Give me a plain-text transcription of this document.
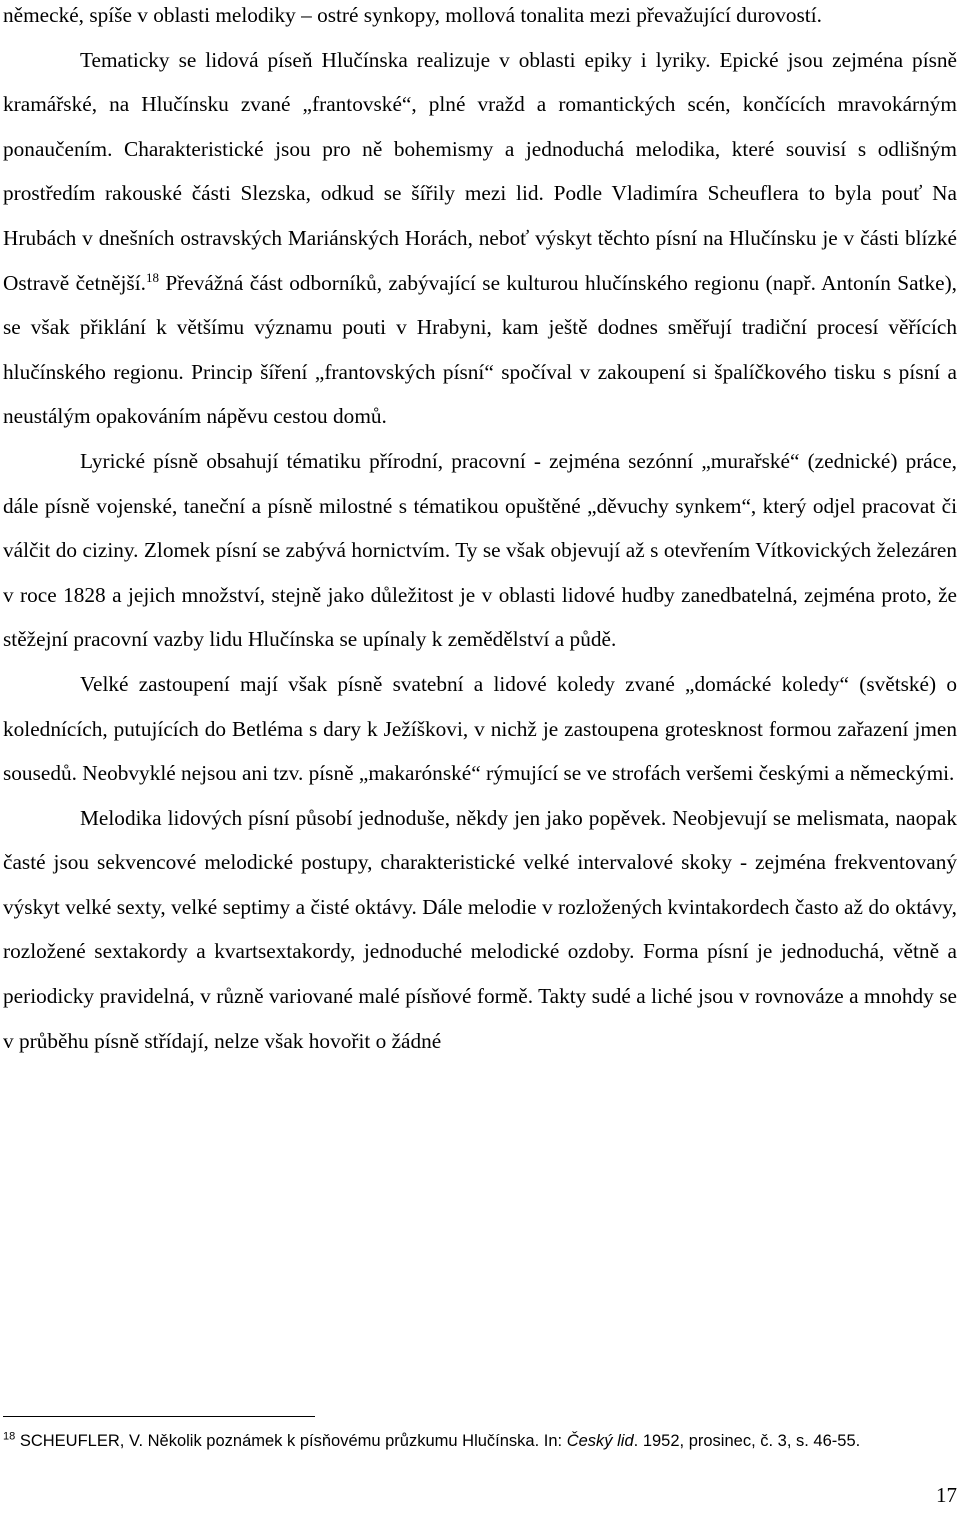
německé, spíše v oblasti melodiky – ostré synkopy, mollová tonalita mezi převažující durovostí.

Tematicky se lidová píseň Hlučínska realizuje v oblasti epiky i lyriky. Epické jsou zejména písně kramářské, na Hlučínsku zvané „frantovské“, plné vražd a romantických scén, končících mravokárným ponaučením. Charakteristické jsou pro ně bohemismy a jednoduchá melodika, které souvisí s odlišným prostředím rakouské části Slezska, odkud se šířily mezi lid. Podle Vladimíra Scheuflera to byla pouť Na Hrubách v dnešních ostravských Mariánských Horách, neboť výskyt těchto písní na Hlučínsku je v části blízké Ostravě četnější.$^{18}$ Převážná část odborníků, zabývající se kulturou hlučínského regionu (např. Antonín Satke), se však přiklání k většímu významu pouti v Hrabyni, kam ještě dodnes směřují tradiční procesí věřících hlučínského regionu. Princip šíření „frantovských písní“ spočíval v zakoupení si špalíčkového tisku s písní a neustálým opakováním nápěvu cestou domů.

Lyrické písně obsahují tématiku přírodní, pracovní - zejména sezónní „murařské“ (zednické) práce, dále písně vojenské, taneční a písně milostné s tématikou opuštěné „děvuchy synkem“, který odjel pracovat či válčit do ciziny. Zlomek písní se zabývá hornictvím. Ty se však objevují až s otevřením Vítkovických železáren v roce 1828 a jejich množství, stejně jako důležitost je v oblasti lidové hudby zanedbatelná, zejména proto, že stěžejní pracovní vazby lidu Hlučínska se upínaly k zemědělství a půdě.

Velké zastoupení mají však písně svatební a lidové koledy zvané „domácké koledy“ (světské) o kolednících, putujících do Betléma s dary k Ježíškovi, v nichž je zastoupena grotesknost formou zařazení jmen sousedů. Neobvyklé nejsou ani tzv. písně „makarónské“ rýmující se ve strofách veršemi českými a německými.

Melodika lidových písní působí jednoduše, někdy jen jako popěvek. Neobjevují se melismata, naopak časté jsou sekvencové melodické postupy, charakteristické velké intervalové skoky - zejména frekventovaný výskyt velké sexty, velké septimy a čisté oktávy. Dále melodie v rozložených kvintakordech často až do oktávy, rozložené sextakordy a kvartsextakordy, jednoduché melodické ozdoby. Forma písní je jednoduchá, větně a periodicky pravidelná, v různě variované malé písňové formě. Takty sudé a liché jsou v rovnováze a mnohdy se v průběhu písně střídají, nelze však hovořit o žádné

$^{18}$ SCHEUFLER, V. Několik poznámek k písňovému průzkumu Hlučínska. In: Český lid. 1952, prosinec, č. 3, s. 46-55.
17
